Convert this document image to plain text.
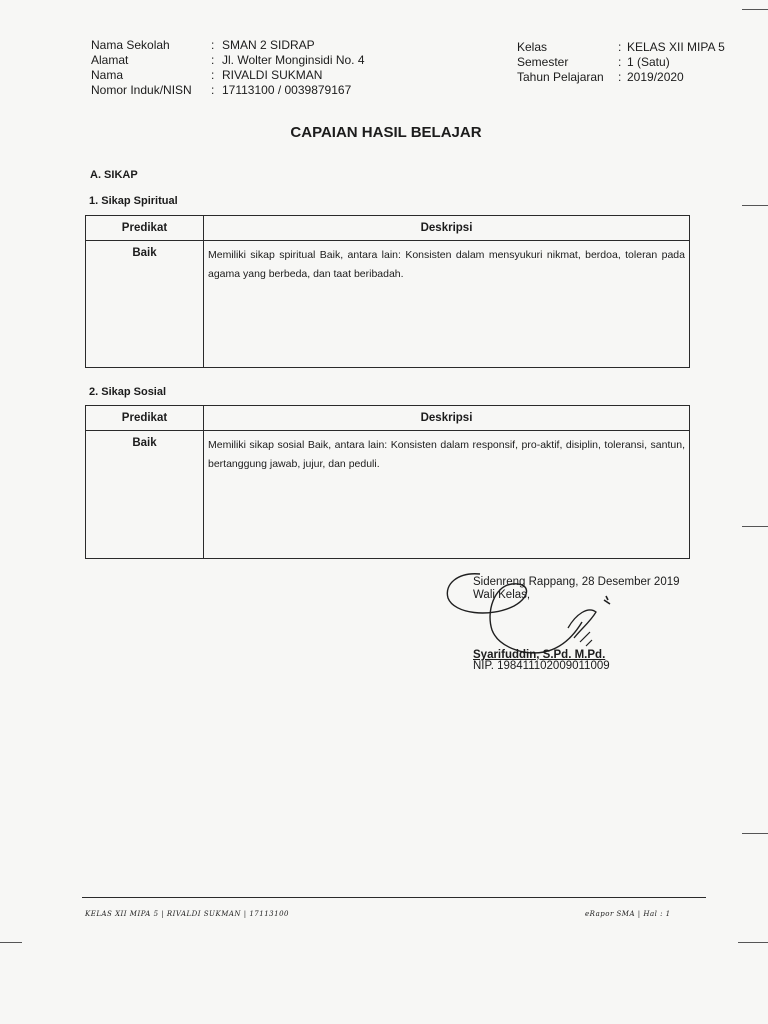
Nama Sekolah	: SMAN 2 SIDRAP
Alamat	: Jl. Wolter Monginsidi No. 4
Nama	: RIVALDI SUKMAN
Nomor Induk/NISN : 17113100 / 0039879167
Kelas	: KELAS XII MIPA 5
Semester	: 1 (Satu)
Tahun Pelajaran : 2019/2020
CAPAIAN HASIL BELAJAR
A. SIKAP
1. Sikap Spiritual
Predikat	Deskripsi
Baik	Memiliki sikap spiritual Baik, antara lain: Konsisten dalam mensyukuri nikmat, berdoa, toleran pada agama yang berbeda, dan taat beribadah.
2. Sikap Sosial
Predikat	Deskripsi
Baik	Memiliki sikap sosial Baik, antara lain: Konsisten dalam responsif, pro-aktif, disiplin, toleransi, santun, bertanggung jawab, jujur, dan peduli.
Sidenreng Rappang, 28 Desember 2019
Wali Kelas,
Syarifuddin, S.Pd. M.Pd.
NIP. 198411102009011009
KELAS XII MIPA 5 | RIVALDI SUKMAN | 17113100	eRapor SMA | Hal : 1
